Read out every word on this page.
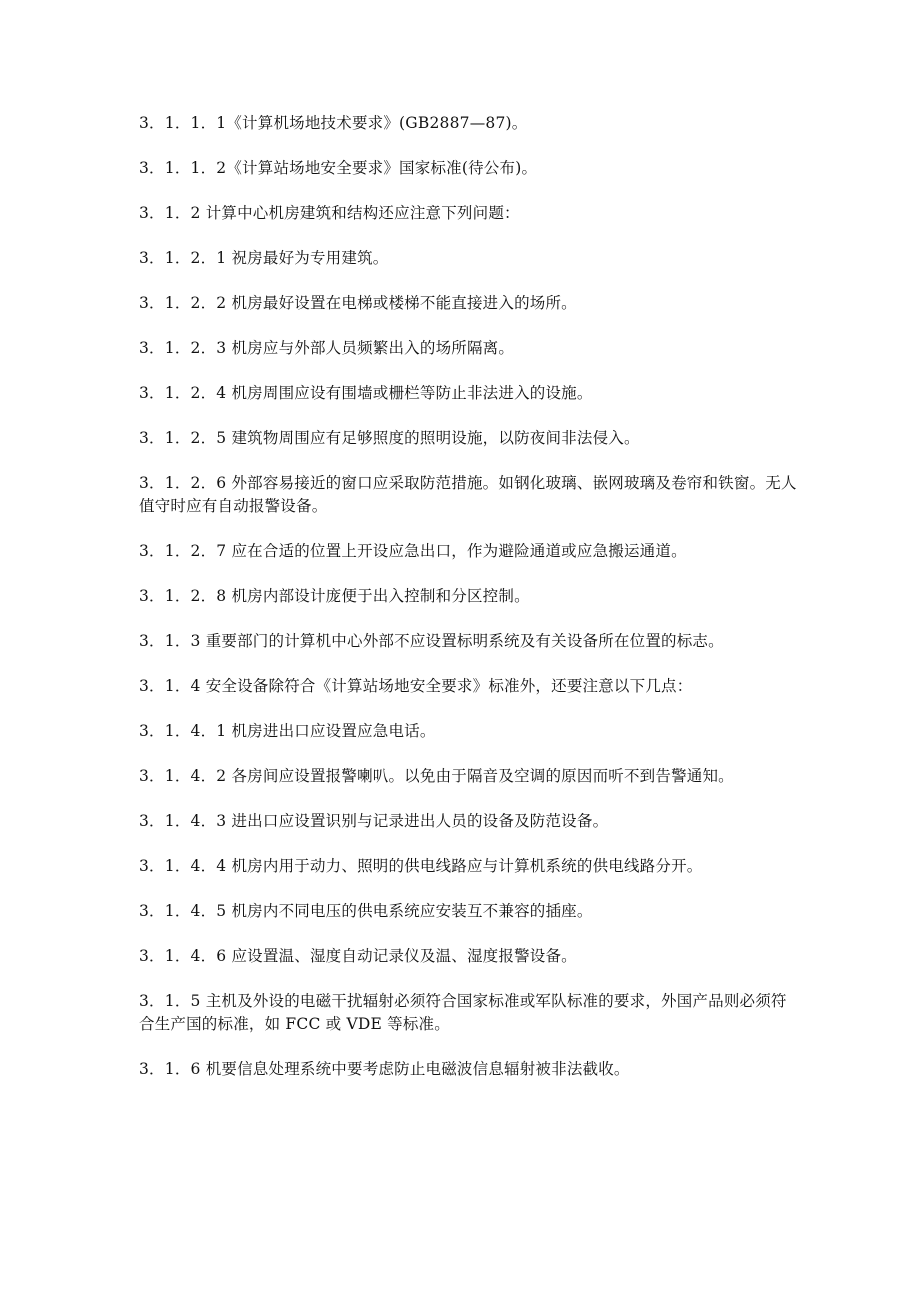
3．1．1．1《计算机场地技术要求》(GB2887—87)。

3．1．1．2《计算站场地安全要求》国家标准(待公布)。

3．1．2 计算中心机房建筑和结构还应注意下列问题：

3．1．2．1 祝房最好为专用建筑。

3．1．2．2 机房最好设置在电梯或楼梯不能直接进入的场所。

3．1．2．3 机房应与外部人员频繁出入的场所隔离。

3．1．2．4 机房周围应设有围墙或栅栏等防止非法进入的设施。

3．1．2．5 建筑物周围应有足够照度的照明设施，以防夜间非法侵入。

3．1．2．6 外部容易接近的窗口应采取防范措施。如钢化玻璃、嵌网玻璃及卷帘和铁窗。无人值守时应有自动报警设备。

3．1．2．7 应在合适的位置上开设应急出口，作为避险通道或应急搬运通道。

3．1．2．8 机房内部设计庞便于出入控制和分区控制。

3．1．3 重要部门的计算机中心外部不应设置标明系统及有关设备所在位置的标志。

3．1．4 安全设备除符合《计算站场地安全要求》标准外，还要注意以下几点：

3．1．4．1 机房进出口应设置应急电话。

3．1．4．2 各房间应设置报警喇叭。以免由于隔音及空调的原因而听不到告警通知。

3．1．4．3 进出口应设置识别与记录进出人员的设备及防范设备。

3．1．4．4 机房内用于动力、照明的供电线路应与计算机系统的供电线路分开。

3．1．4．5 机房内不同电压的供电系统应安装互不兼容的插座。

3．1．4．6 应设置温、湿度自动记录仪及温、湿度报警设备。

3．1．5 主机及外设的电磁干扰辐射必须符合国家标准或军队标准的要求，外国产品则必须符合生产国的标准，如 FCC 或 VDE 等标准。

3．1．6 机要信息处理系统中要考虑防止电磁波信息辐射被非法截收。
